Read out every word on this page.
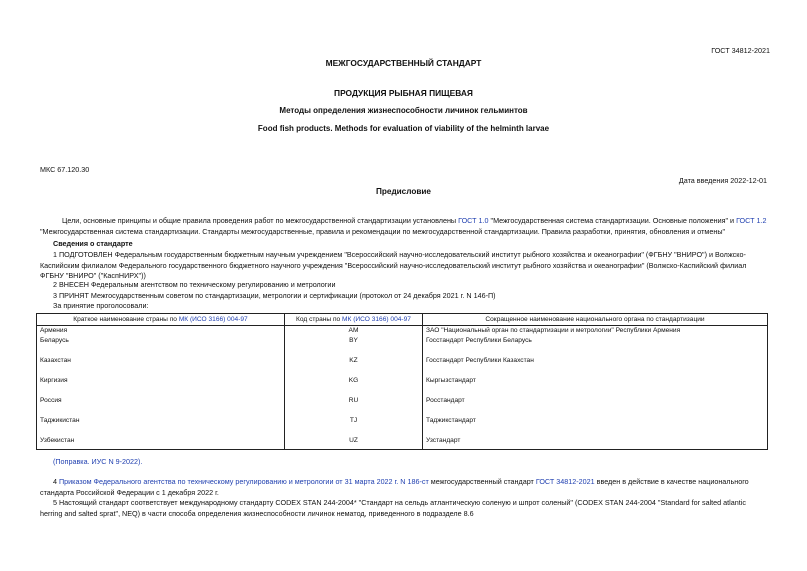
ГОСТ 34812-2021
МЕЖГОСУДАРСТВЕННЫЙ СТАНДАРТ
ПРОДУКЦИЯ РЫБНАЯ ПИЩЕВАЯ
Методы определения жизнеспособности личинок гельминтов
Food fish products. Methods for evaluation of viability of the helminth larvae
МКС 67.120.30
Дата введения 2022-12-01
Предисловие
Цели, основные принципы и общие правила проведения работ по межгосударственной стандартизации установлены ГОСТ 1.0 "Межгосударственная система стандартизации. Основные положения" и ГОСТ 1.2 "Межгосударственная система стандартизации. Стандарты межгосударственные, правила и рекомендации по межгосударственной стандартизации. Правила разработки, принятия, обновления и отмены"
Сведения о стандарте
1 ПОДГОТОВЛЕН Федеральным государственным бюджетным научным учреждением "Всероссийский научно-исследовательский институт рыбного хозяйства и океанографии" (ФГБНУ "ВНИРО") и Волжско-Каспийским филиалом Федерального государственного бюджетного научного учреждения "Всероссийский научно-исследовательский институт рыбного хозяйства и океанографии" (Волжско-Каспийский филиал ФГБНУ "ВНИРО" ("КаспНИРХ"))
2 ВНЕСЕН Федеральным агентством по техническому регулированию и метрологии
3 ПРИНЯТ Межгосударственным советом по стандартизации, метрологии и сертификации (протокол от 24 декабря 2021 г. N 146-П)
За принятие проголосовали:
Краткое наименование страны по МК (ИСО 3166) 004-97	Код страны по МК (ИСО 3166) 004-97	Сокращенное наименование национального органа по стандартизации
Армения	AM	ЗАО "Национальный орган по стандартизации и метрологии" Республики Армения
Беларусь	BY	Госстандарт Республики Беларусь
Казахстан	KZ	Госстандарт Республики Казахстан
Киргизия	KG	Кыргызстандарт
Россия	RU	Росстандарт
Таджикистан	TJ	Таджикстандарт
Узбекистан	UZ	Узстандарт
(Поправка. ИУС N 9-2022).
4 Приказом Федерального агентства по техническому регулированию и метрологии от 31 марта 2022 г. N 186-ст межгосударственный стандарт ГОСТ 34812-2021 введен в действие в качестве национального стандарта Российской Федерации с 1 декабря 2022 г.
5 Настоящий стандарт соответствует международному стандарту CODEX STAN 244-2004* "Стандарт на сельдь атлантическую соленую и шпрот соленый" (CODEX STAN 244-2004 "Standard for salted atlantic herring and salted sprat", NEQ) в части способа определения жизнеспособности личинок нематод, приведенного в подразделе 8.6
